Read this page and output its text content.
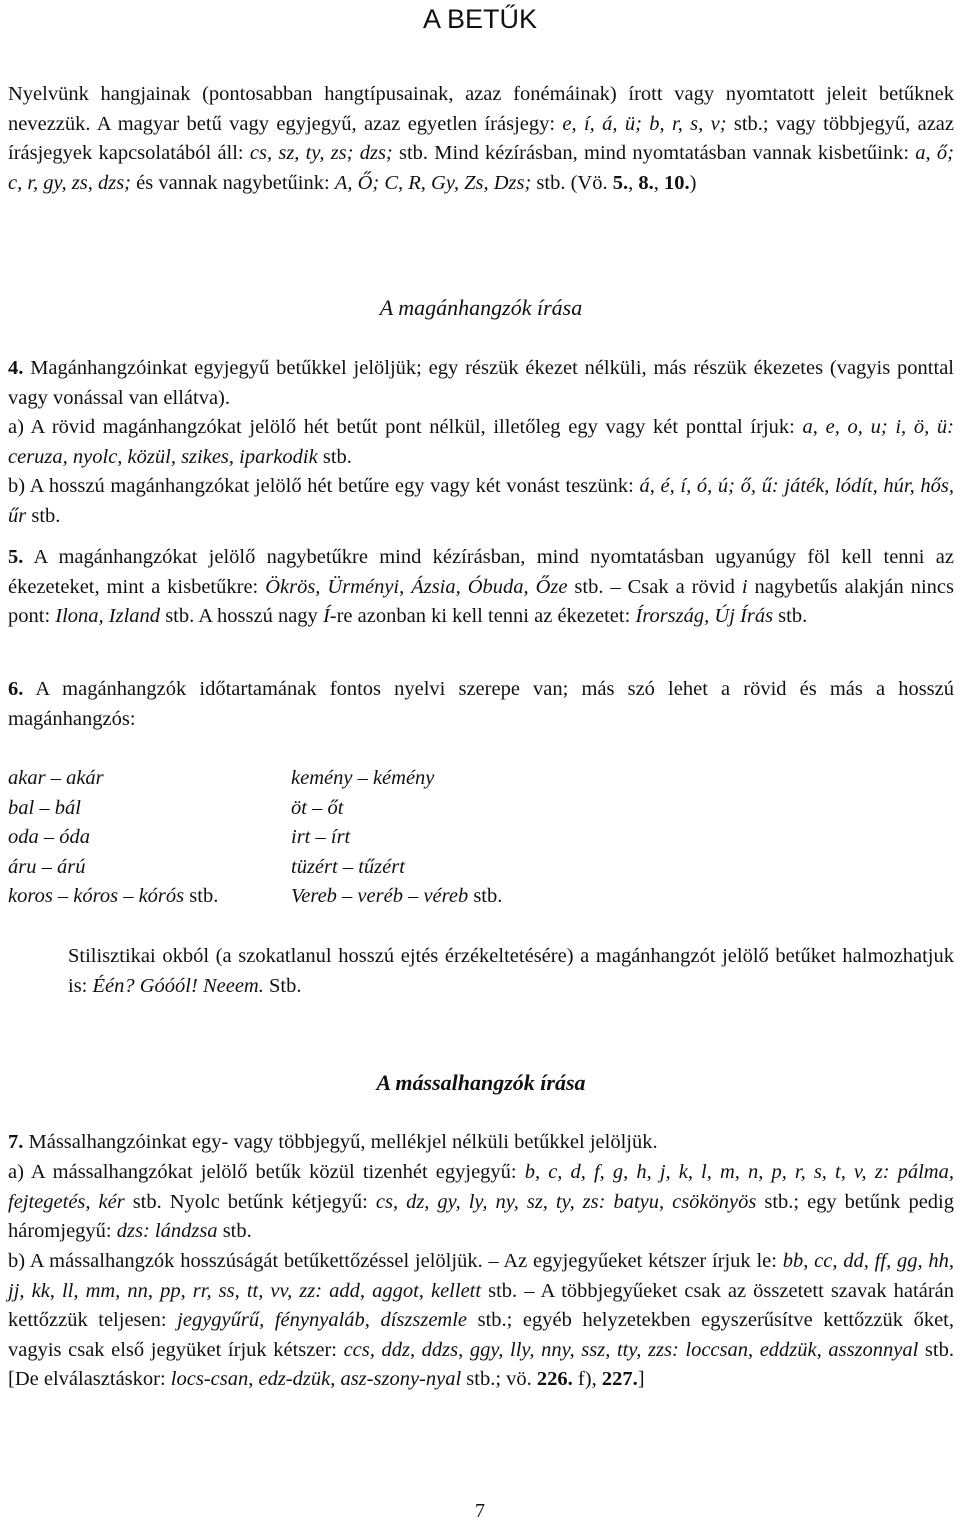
A BETŰK
Nyelvünk hangjainak (pontosabban hangtípusainak, azaz fonémáinak) írott vagy nyomtatott jeleit betűknek nevezzük. A magyar betű vagy egyjegyű, azaz egyetlen írásjegy: e, í, á, ü; b, r, s, v; stb.; vagy többjegyű, azaz írásjegyek kapcsolatából áll: cs, sz, ty, zs; dzs; stb. Mind kézírásban, mind nyomtatásban vannak kisbetűink: a, ő; c, r, gy, zs, dzs; és vannak nagybetűink: A, Ő; C, R, Gy, Zs, Dzs; stb. (Vö. 5., 8., 10.)
A magánhangzók írása
4. Magánhangzóinkat egyjegyű betűkkel jelöljük; egy részük ékezet nélküli, más részük ékezetes (vagyis ponttal vagy vonással van ellátva).
a) A rövid magánhangzókat jelölő hét betűt pont nélkül, illetőleg egy vagy két ponttal írjuk: a, e, o, u; i, ö, ü: ceruza, nyolc, közül, szikes, iparkodik stb.
b) A hosszú magánhangzókat jelölő hét betűre egy vagy két vonást teszünk: á, é, í, ó, ú; ő, ű: játék, lódít, húr, hős, űr stb.
5. A magánhangzókat jelölő nagybetűkre mind kézírásban, mind nyomtatásban ugyanúgy föl kell tenni az ékezeteket, mint a kisbetűkre: Ökrös, Ürményi, Ázsia, Óbuda, Őze stb. – Csak a rövid i nagybetűs alakján nincs pont: Ilona, Izland stb. A hosszú nagy Í-re azonban ki kell tenni az ékezetet: Írország, Új Írás stb.
6. A magánhangzók időtartamának fontos nyelvi szerepe van; más szó lehet a rövid és más a hosszú magánhangzós:
akar – akár
bal – bál
oda – óda
áru – árú
koros – kóros – kórós stb.
kemény – kémény
öt – őt
irt – írt
tüzért – tűzért
Vereb – veréb – véreb stb.
Stilisztikai okból (a szokatlanul hosszú ejtés érzékeltetésére) a magánhangzót jelölő betűket halmozhatjuk is: Één? Góóól! Neeem. Stb.
A mássalhangzók írása
7. Mássalhangzóinkat egy- vagy többjegyű, mellékjel nélküli betűkkel jelöljük.
a) A mássalhangzókat jelölő betűk közül tizenhét egyjegyű: b, c, d, f, g, h, j, k, l, m, n, p, r, s, t, v, z: pálma, fejtegetés, kér stb. Nyolc betűnk kétjegyű: cs, dz, gy, ly, ny, sz, ty, zs: batyu, csökönyös stb.; egy betűnk pedig háromjegyű: dzs: lándzsa stb.
b) A mássalhangzók hosszúságát betűkettőzéssel jelöljük. – Az egyjegyűeket kétszer írjuk le: bb, cc, dd, ff, gg, hh, jj, kk, ll, mm, nn, pp, rr, ss, tt, vv, zz: add, aggot, kellett stb. – A többjegyűeket csak az összetett szavak határán kettőzzük teljesen: jegygyűrű, fénynyaláb, díszszemle stb.; egyéb helyzetekben egyszerűsítve kettőzzük őket, vagyis csak első jegyüket írjuk kétszer: ccs, ddz, ddzs, ggy, lly, nny, ssz, tty, zzs: loccsan, eddzük, asszonnyal stb. [De elválasztáskor: locs-csan, edz-dzük, asz-szony-nyal stb.; vö. 226. f), 227.]
7
